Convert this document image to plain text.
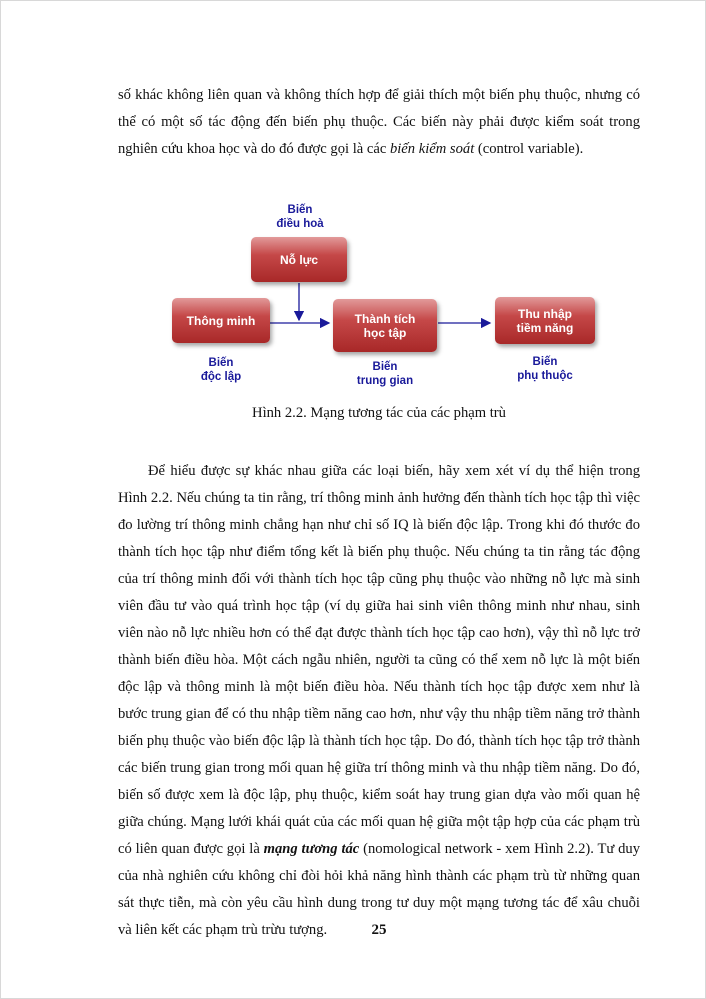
số khác không liên quan và không thích hợp để giải thích một biến phụ thuộc, nhưng có thể có một số tác động đến biến phụ thuộc. Các biến này phải được kiểm soát trong nghiên cứu khoa học và do đó được gọi là các biến kiểm soát (control variable).

Nỗ lực
Thông minh	Thành tích
học tập
Thu nhập
tiềm năng
Biến
điều hoà
Biến
độc lập
Biến
trung gian
Biến
phụ thuộc
Hình 2.2. Mạng tương tác của các phạm trù

Để hiểu được sự khác nhau giữa các loại biến, hãy xem xét ví dụ thể hiện trong Hình 2.2. Nếu chúng ta tin rằng, trí thông minh ảnh hưởng đến thành tích học tập thì việc đo lường trí thông minh chẳng hạn như chỉ số IQ là biến độc lập. Trong khi đó thước đo thành tích học tập như điểm tổng kết là biến phụ thuộc. Nếu chúng ta tin rằng tác động của trí thông minh đối với thành tích học tập cũng phụ thuộc vào những nỗ lực mà sinh viên đầu tư vào quá trình học tập (ví dụ giữa hai sinh viên thông minh như nhau, sinh viên nào nỗ lực nhiều hơn có thể đạt được thành tích học tập cao hơn), vậy thì nỗ lực trở thành biến điều hòa. Một cách ngẫu nhiên, người ta cũng có thể xem nỗ lực là một biến độc lập và thông minh là một biến điều hòa. Nếu thành tích học tập được xem như là bước trung gian để có thu nhập tiềm năng cao hơn, như vậy thu nhập tiềm năng trở thành biến phụ thuộc vào biến độc lập là thành tích học tập. Do đó, thành tích học tập trở thành các biến trung gian trong mối quan hệ giữa trí thông minh và thu nhập tiềm năng. Do đó, biến số được xem là độc lập, phụ thuộc, kiểm soát hay trung gian dựa vào mối quan hệ giữa chúng. Mạng lưới khái quát của các mối quan hệ giữa một tập hợp của các phạm trù có liên quan được gọi là mạng tương tác (nomological network - xem Hình 2.2). Tư duy của nhà nghiên cứu không chỉ đòi hỏi khả năng hình thành các phạm trù từ những quan sát thực tiễn, mà còn yêu cầu hình dung trong tư duy một mạng tương tác để xâu chuỗi và liên kết các phạm trù trừu tượng.	25
